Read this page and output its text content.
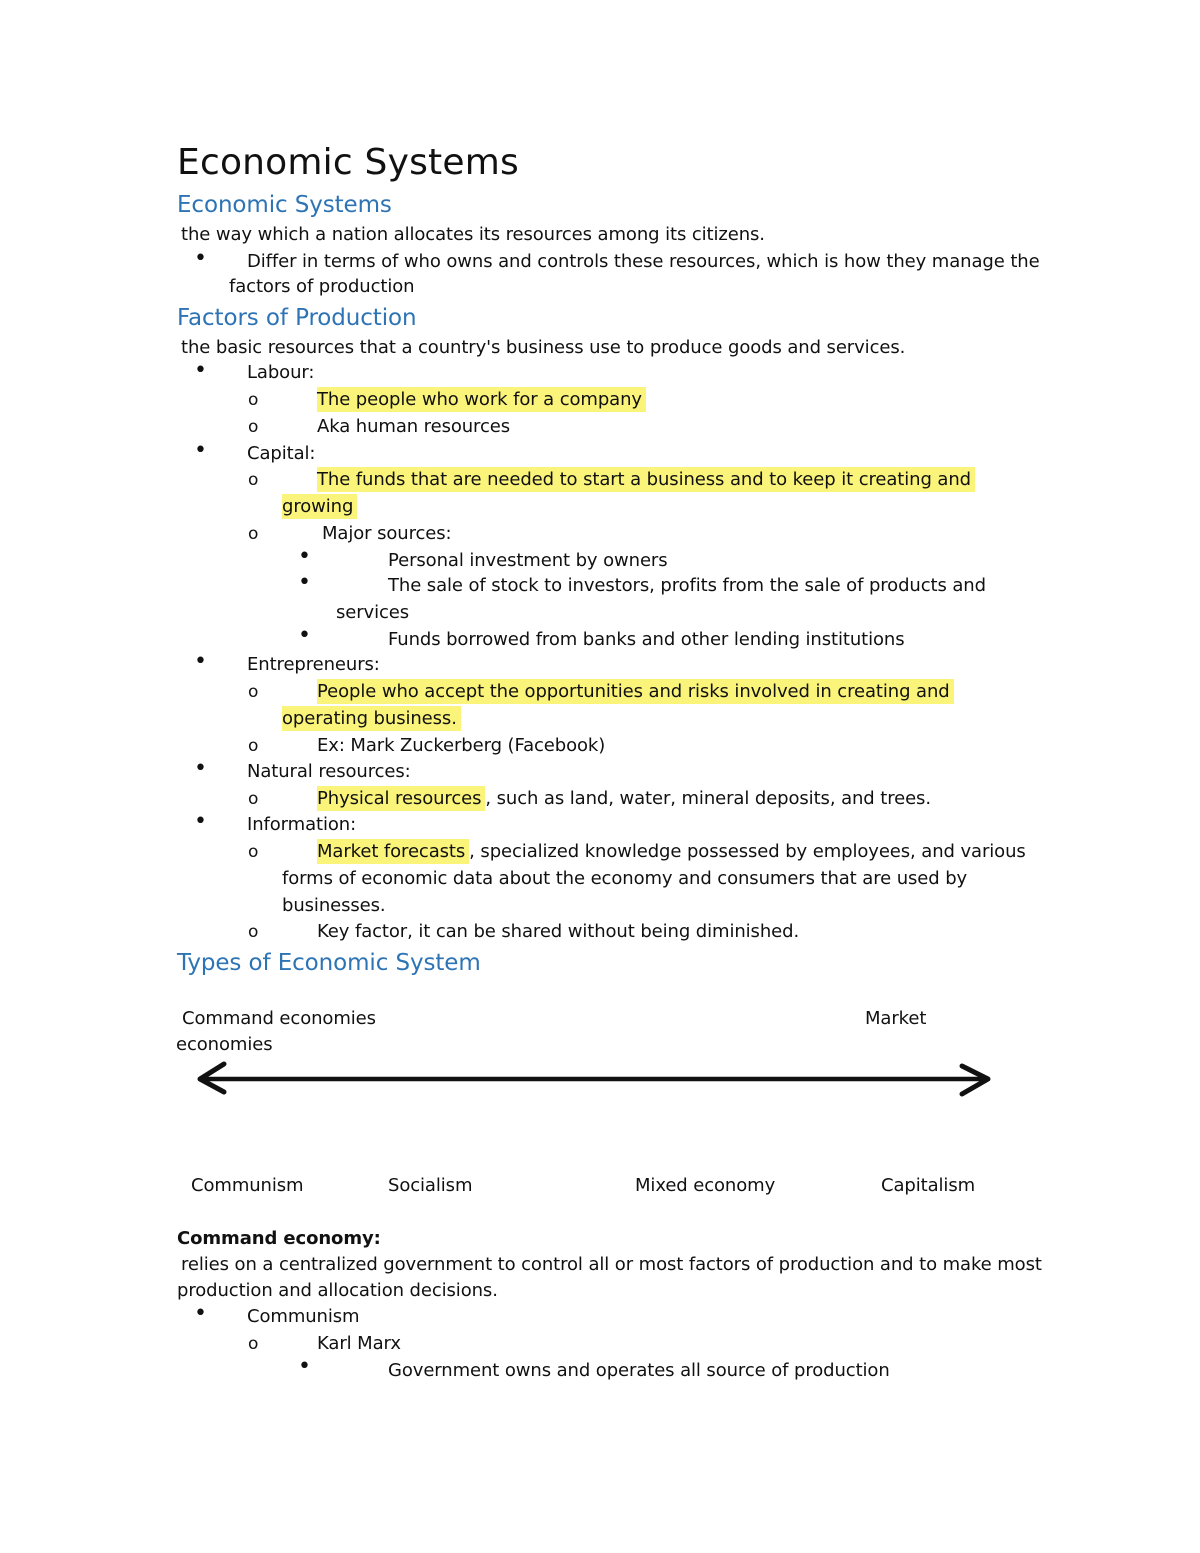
Economic Systems
Economic Systems
the way which a nation allocates its resources among its citizens.
•
Differ in terms of who owns and controls these resources, which is how they manage the
factors of production
Factors of Production
the basic resources that a country's business use to produce goods and services.
•
Labour:
o
The people who work for a company
o
Aka human resources
•
Capital:
o
The funds that are needed to start a business and to keep it creating and
growing
o
Major sources:
•
Personal investment by owners
•
The sale of stock to investors, profits from the sale of products and
services
•
Funds borrowed from banks and other lending institutions
•
Entrepreneurs:
o
People who accept the opportunities and risks involved in creating and
operating business.
o
Ex: Mark Zuckerberg (Facebook)
•
Natural resources:
o
Physical resources , such as land, water, mineral deposits, and trees.
•
Information:
o
Market forecasts , specialized knowledge possessed by employees, and various
forms of economic data about the economy and consumers that are used by
businesses.
o
Key factor, it can be shared without being diminished.
Types of Economic System
Command economies	Market
economies
Communism	Socialism	Mixed economy	Capitalism
Command economy:
relies on a centralized government to control all or most factors of production and to make most
production and allocation decisions.
•
Communism
o
Karl Marx
•
Government owns and operates all source of production
